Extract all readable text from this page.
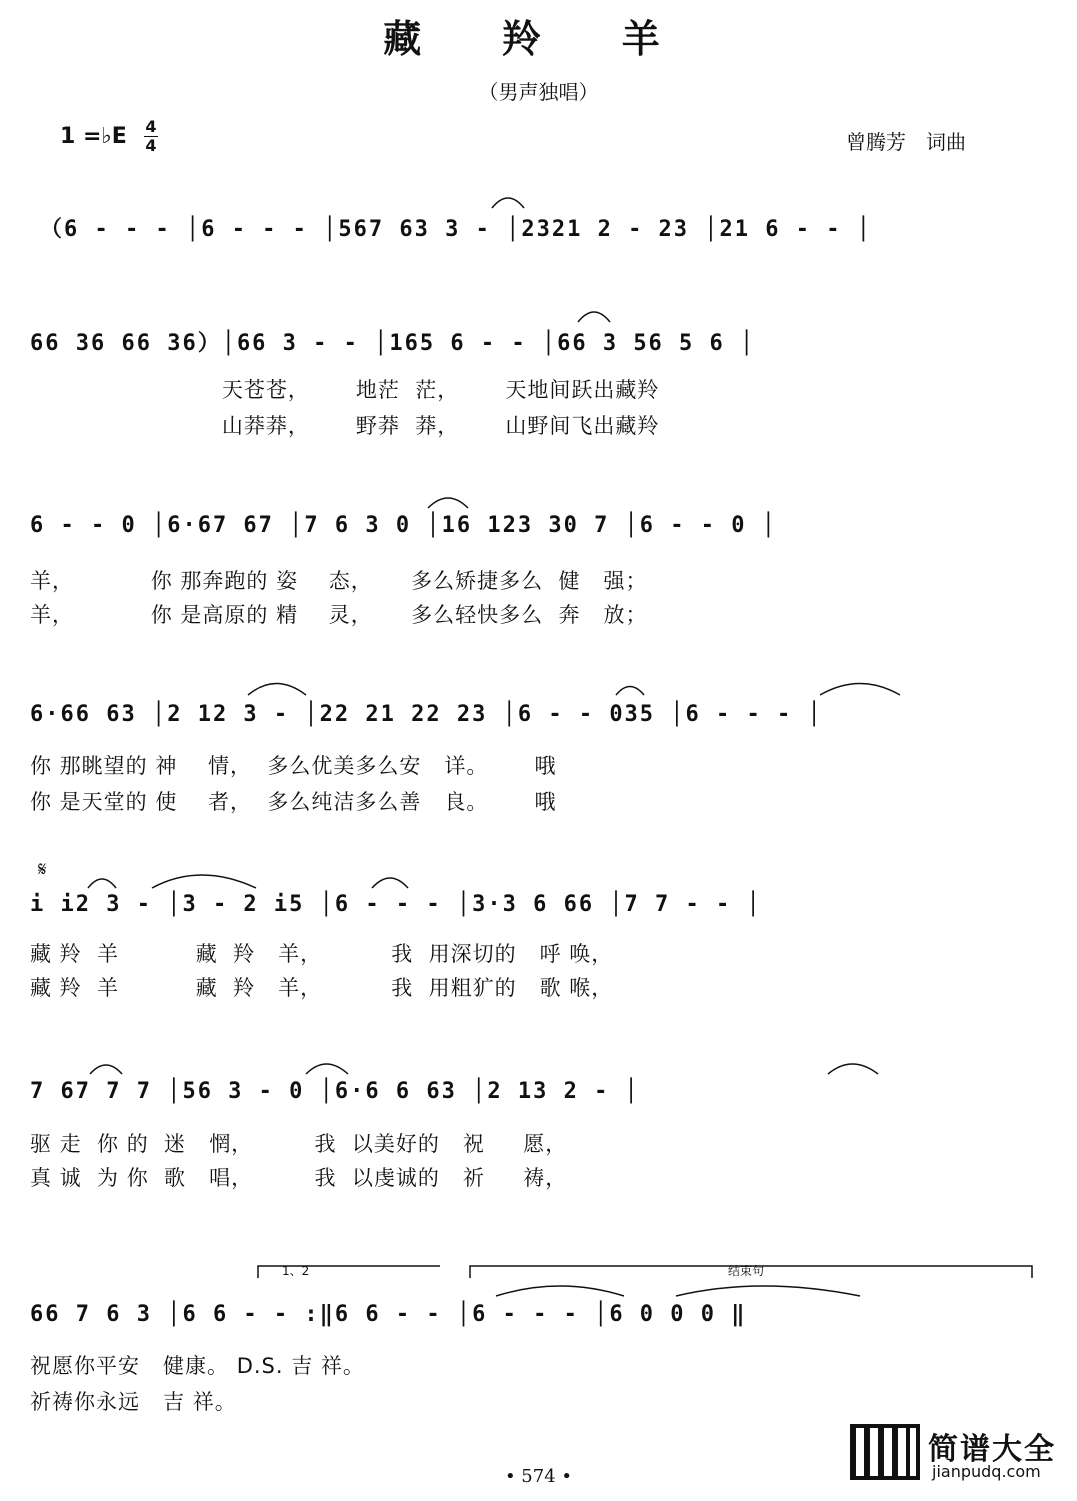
藏 羚 羊
（男声独唱）
1 =♭E 4
4	曾腾芳　词曲
（6 - - - │6 - - - │567 63 3 - │2321 2 - 23 │21 6 - - │
66 36 66 36）│66 3 - - │165 6 - - │66 3 56 5 6 │
天苍苍，      地茫  茫，      天地间跃出藏羚
山莽莽，      野莽  莽，      山野间飞出藏羚
6 - - 0 │6·67 67 │7 6 3 0 │16 123 30 7 │6 - - 0 │
羊，          你 那奔跑的 姿    态，     多么矫捷多么  健   强；
羊，          你 是高原的 精    灵，     多么轻快多么  奔   放；
6·66 63 │2 12 3 - │22 21 22 23 │6 - - 035 │6 - - - │
你 那眺望的 神    情，  多么优美多么安   详。      哦
你 是天堂的 使    者，  多么纯洁多么善   良。      哦
𝄋
i i2 3 - │3 - 2 i5 │6 - - - │3·3 6 66 │7 7 - - │
藏 羚  羊          藏  羚   羊，         我  用深切的   呼 唤，
藏 羚  羊          藏  羚   羊，         我  用粗犷的   歌 喉，
7 67 7 7 │56 3 - 0 │6·6 6 63 │2 13 2 - │
驱 走  你 的  迷   惘，        我  以美好的   祝     愿，
真 诚  为 你  歌   唱，        我  以虔诚的   祈     祷，
1、2	结束句
66 7 6 3 │6 6 - - :‖6 6 - - │6 - - - │6 0 0 0 ‖
祝愿你平安   健康。 D.S. 吉 祥。
祈祷你永远   吉 祥。
简谱大全
jianpudq.com
• 574 •
